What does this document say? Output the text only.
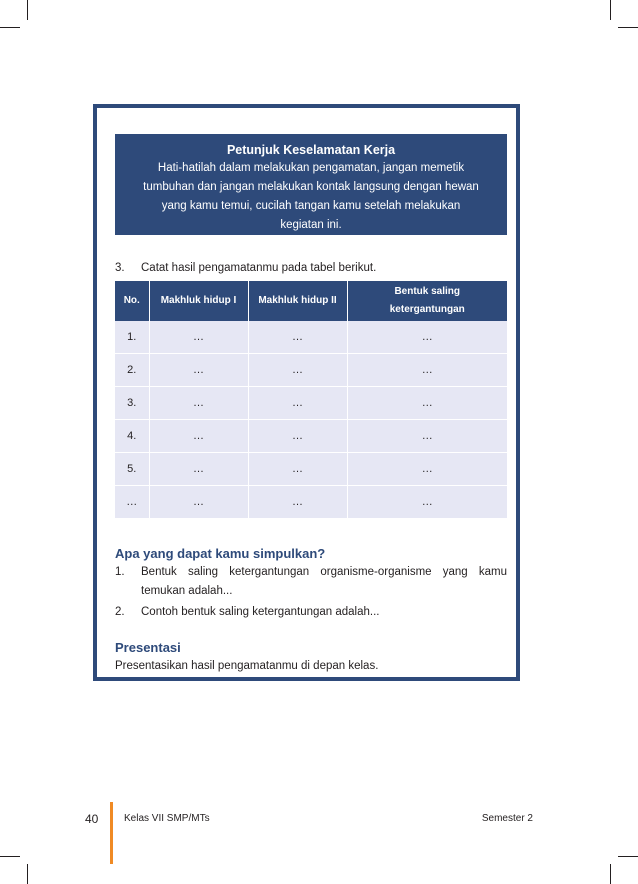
Petunjuk Keselamatan Kerja
Hati-hatilah dalam melakukan pengamatan, jangan memetik
tumbuhan dan jangan melakukan kontak langsung dengan hewan
yang kamu temui, cucilah tangan kamu setelah melakukan
kegiatan ini.
3. Catat hasil pengamatanmu pada tabel berikut.
No.	Makhluk hidup I	Makhluk hidup II	Bentuk saling
ketergantungan

1.	…	…	…
2.	…	…	…
3.	…	…	…
4.	…	…	…
5.	…	…	…
…	…	…	…
Apa yang dapat kamu simpulkan?
1. Bentuk saling ketergantungan organisme-organisme yang kamu temukan adalah...
2. Contoh bentuk saling ketergantungan adalah...
Presentasi
Presentasikan hasil pengamatanmu di depan kelas.
40	Kelas VII SMP/MTs	Semester 2
